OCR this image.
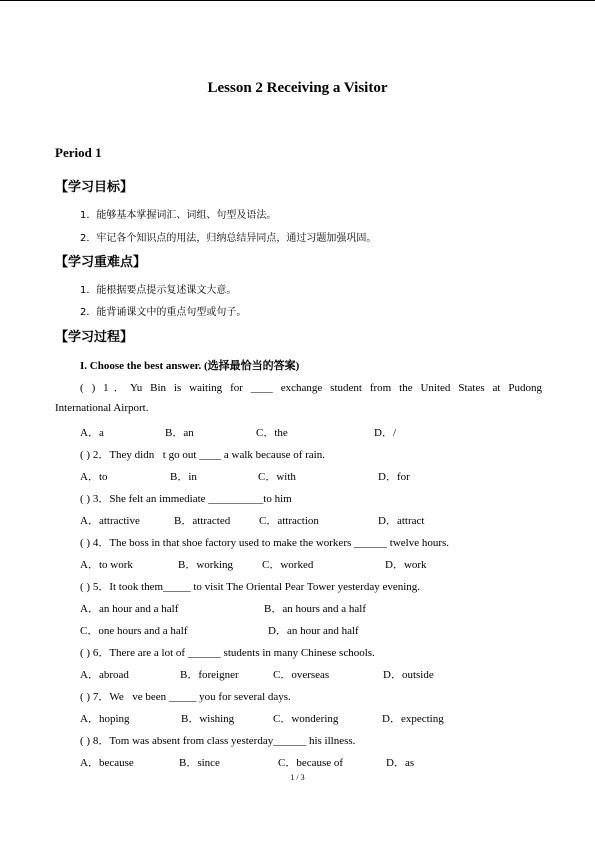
Lesson 2 Receiving a Visitor
Period 1
【学习目标】
1．能够基本掌握词汇、词组、句型及语法。
2．牢记各个知识点的用法，归纳总结异同点，通过习题加强巩固。
【学习重难点】
1．能根据要点提示复述课文大意。
2．能背诵课文中的重点句型或句子。
【学习过程】
I. Choose the best answer. (选择最恰当的答案)
( ) 1．Yu Bin is waiting for ____ exchange student from the United States at Pudong
International Airport.
A．a	B．an	C．the	D．/
( ) 2．They didn t go out ____ a walk because of rain.
A．to	B．in	C．with	D．for
( ) 3．She felt an immediate __________to him
A．attractive	B．attracted	C．attraction	D．attract
( ) 4．The boss in that shoe factory used to make the workers ______ twelve hours.
A．to work	B．working	C．worked	D．work
( ) 5．It took them_____ to visit The Oriental Pear Tower yesterday evening.
A．an hour and a half	B．an hours and a half
C．one hours and a half	D．an hour and half
( ) 6．There are a lot of ______ students in many Chinese schools.
A．abroad	B．foreigner	C．overseas	D．outside
( ) 7．We ve been _____ you for several days.
A．hoping	B．wishing	C．wondering	D．expecting
( ) 8．Tom was absent from class yesterday______ his illness.
A．because	B．since	C．because of	D．as
1 / 3
